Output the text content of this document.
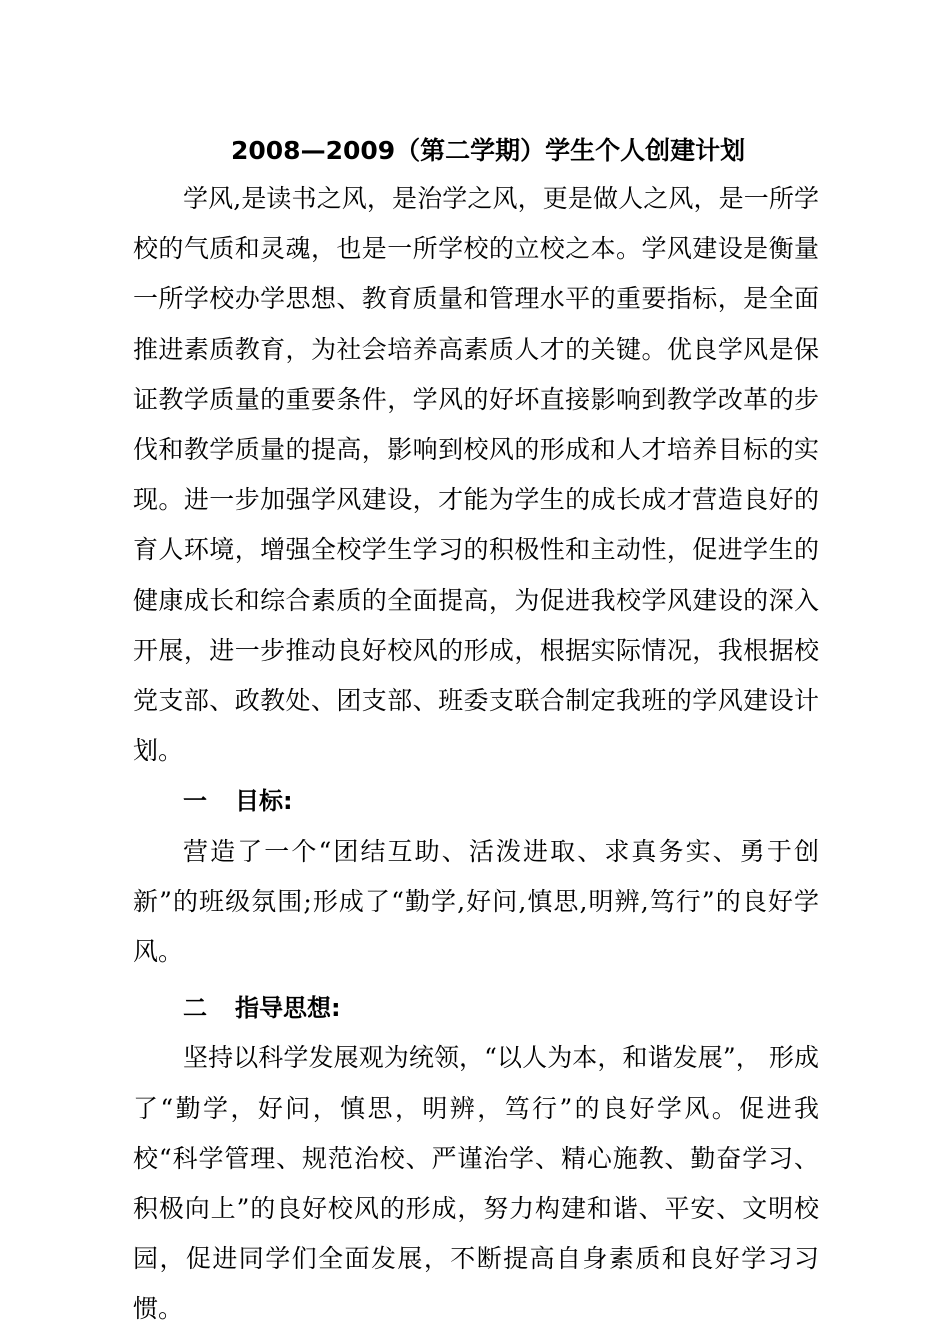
2008—2009（第二学期）学生个人创建计划

学风,是读书之风，是治学之风，更是做人之风，是一所学校的气质和灵魂，也是一所学校的立校之本。学风建设是衡量一所学校办学思想、教育质量和管理水平的重要指标，是全面推进素质教育，为社会培养高素质人才的关键。优良学风是保证教学质量的重要条件，学风的好坏直接影响到教学改革的步伐和教学质量的提高，影响到校风的形成和人才培养目标的实现。进一步加强学风建设，才能为学生的成长成才营造良好的育人环境，增强全校学生学习的积极性和主动性，促进学生的健康成长和综合素质的全面提高，为促进我校学风建设的深入开展，进一步推动良好校风的形成，根据实际情况，我根据校党支部、政教处、团支部、班委支联合制定我班的学风建设计划。

一 目标:

营造了一个“团结互助、活泼进取、求真务实、勇于创新”的班级氛围;形成了“勤学,好问,慎思,明辨,笃行”的良好学风。

二 指导思想:

坚持以科学发展观为统领，“以人为本，和谐发展”， 形成了“勤学，好问，慎思，明辨，笃行”的良好学风。促进我校“科学管理、规范治校、严谨治学、精心施教、勤奋学习、积极向上”的良好校风的形成，努力构建和谐、平安、文明校园，促进同学们全面发展，不断提高自身素质和良好学习习惯。
